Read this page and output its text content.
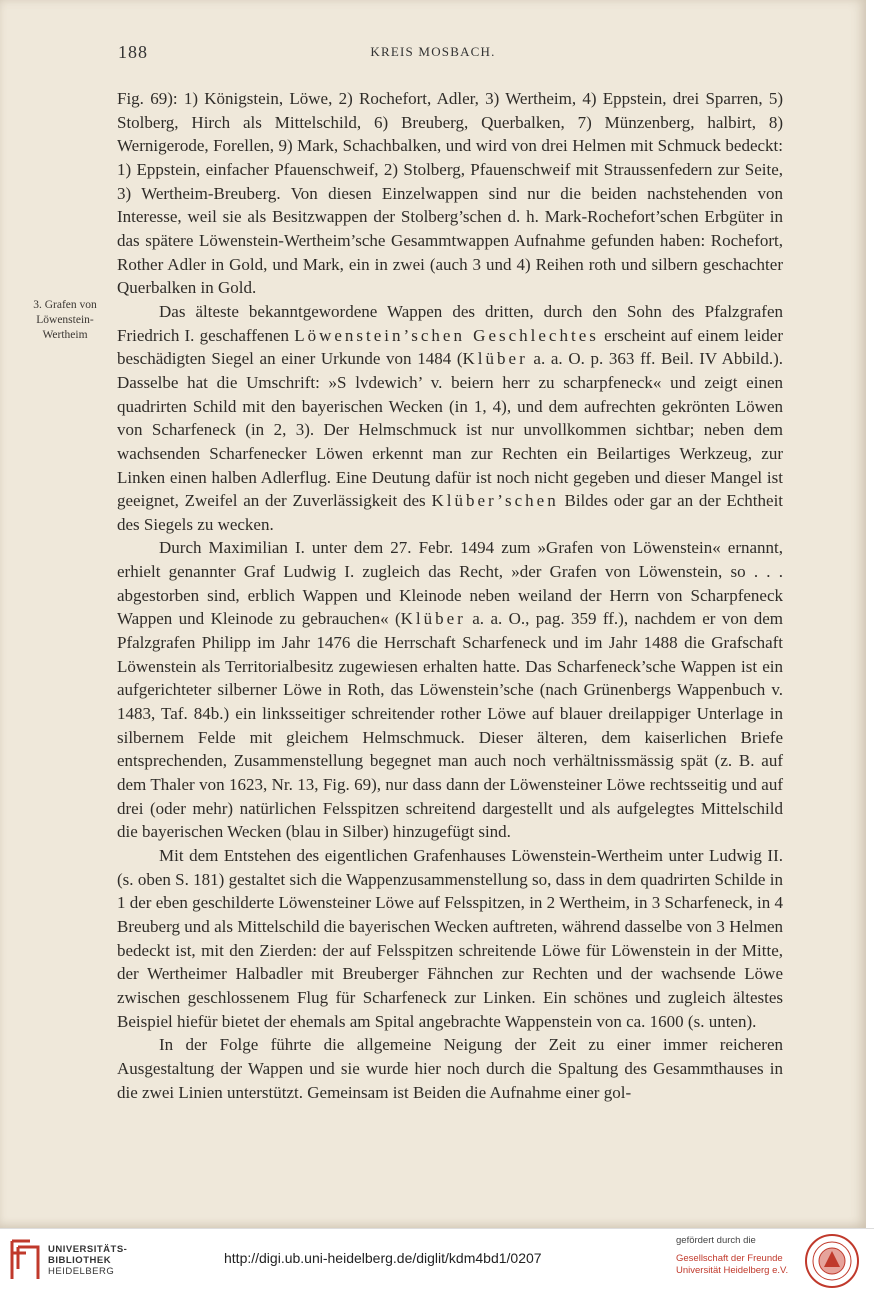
188	KREIS MOSBACH.
3. Grafen von
Löwenstein-
Wertheim

Fig. 69): 1) Königstein, Löwe, 2) Rochefort, Adler, 3) Wertheim, 4) Eppstein, drei Sparren, 5) Stolberg, Hirch als Mittelschild, 6) Breuberg, Querbalken, 7) Münzenberg, halbirt, 8) Wernigerode, Forellen, 9) Mark, Schachbalken, und wird von drei Helmen mit Schmuck bedeckt: 1) Eppstein, einfacher Pfauenschweif, 2) Stolberg, Pfauenschweif mit Straussenfedern zur Seite, 3) Wertheim-Breuberg. Von diesen Einzelwappen sind nur die beiden nachstehenden von Interesse, weil sie als Besitzwappen der Stolberg’schen d. h. Mark-Rochefort’schen Erbgüter in das spätere Löwenstein-Wertheim’sche Gesammtwappen Aufnahme gefunden haben: Rochefort, Rother Adler in Gold, und Mark, ein in zwei (auch 3 und 4) Reihen roth und silbern geschachter Querbalken in Gold.

Das älteste bekanntgewordene Wappen des dritten, durch den Sohn des Pfalzgrafen Friedrich I. geschaffenen Löwenstein’schen Geschlechtes erscheint auf einem leider beschädigten Siegel an einer Urkunde von 1484 (Klüber a. a. O. p. 363 ff. Beil. IV Abbild.). Dasselbe hat die Umschrift: »S lvdewich’ v. beiern herr zu scharpfeneck« und zeigt einen quadrirten Schild mit den bayerischen Wecken (in 1, 4), und dem aufrechten gekrönten Löwen von Scharfeneck (in 2, 3). Der Helmschmuck ist nur unvollkommen sichtbar; neben dem wachsenden Scharfenecker Löwen erkennt man zur Rechten ein Beilartiges Werkzeug, zur Linken einen halben Adlerflug. Eine Deutung dafür ist noch nicht gegeben und dieser Mangel ist geeignet, Zweifel an der Zuverlässigkeit des Klüber’schen Bildes oder gar an der Echtheit des Siegels zu wecken.

Durch Maximilian I. unter dem 27. Febr. 1494 zum »Grafen von Löwenstein« ernannt, erhielt genannter Graf Ludwig I. zugleich das Recht, »der Grafen von Löwenstein, so . . . abgestorben sind, erblich Wappen und Kleinode neben weiland der Herrn von Scharpfeneck Wappen und Kleinode zu gebrauchen« (Klüber a. a. O., pag. 359 ff.), nachdem er von dem Pfalzgrafen Philipp im Jahr 1476 die Herrschaft Scharfeneck und im Jahr 1488 die Grafschaft Löwenstein als Territorialbesitz zugewiesen erhalten hatte. Das Scharfeneck’sche Wappen ist ein aufgerichteter silberner Löwe in Roth, das Löwenstein’sche (nach Grünenbergs Wappenbuch v. 1483, Taf. 84b.) ein linksseitiger schreitender rother Löwe auf blauer dreilappiger Unterlage in silbernem Felde mit gleichem Helmschmuck. Dieser älteren, dem kaiserlichen Briefe entsprechenden, Zusammenstellung begegnet man auch noch verhältnissmässig spät (z. B. auf dem Thaler von 1623, Nr. 13, Fig. 69), nur dass dann der Löwensteiner Löwe rechtsseitig und auf drei (oder mehr) natürlichen Felsspitzen schreitend dargestellt und als aufgelegtes Mittelschild die bayerischen Wecken (blau in Silber) hinzugefügt sind.

Mit dem Entstehen des eigentlichen Grafenhauses Löwenstein-Wertheim unter Ludwig II. (s. oben S. 181) gestaltet sich die Wappenzusammenstellung so, dass in dem quadrirten Schilde in 1 der eben geschilderte Löwensteiner Löwe auf Felsspitzen, in 2 Wertheim, in 3 Scharfeneck, in 4 Breuberg und als Mittelschild die bayerischen Wecken auftreten, während dasselbe von 3 Helmen bedeckt ist, mit den Zierden: der auf Felsspitzen schreitende Löwe für Löwenstein in der Mitte, der Wertheimer Halbadler mit Breuberger Fähnchen zur Rechten und der wachsende Löwe zwischen geschlossenem Flug für Scharfeneck zur Linken. Ein schönes und zugleich ältestes Beispiel hiefür bietet der ehemals am Spital angebrachte Wappenstein von ca. 1600 (s. unten).

In der Folge führte die allgemeine Neigung der Zeit zu einer immer reicheren Ausgestaltung der Wappen und sie wurde hier noch durch die Spaltung des Gesammthauses in die zwei Linien unterstützt. Gemeinsam ist Beiden die Aufnahme einer gol-

UNIVERSITÄTS-
BIBLIOTHEK
HEIDELBERG
http://digi.ub.uni-heidelberg.de/diglit/kdm4bd1/0207
gefördert durch die
Gesellschaft der Freunde
Universität Heidelberg e.V.
